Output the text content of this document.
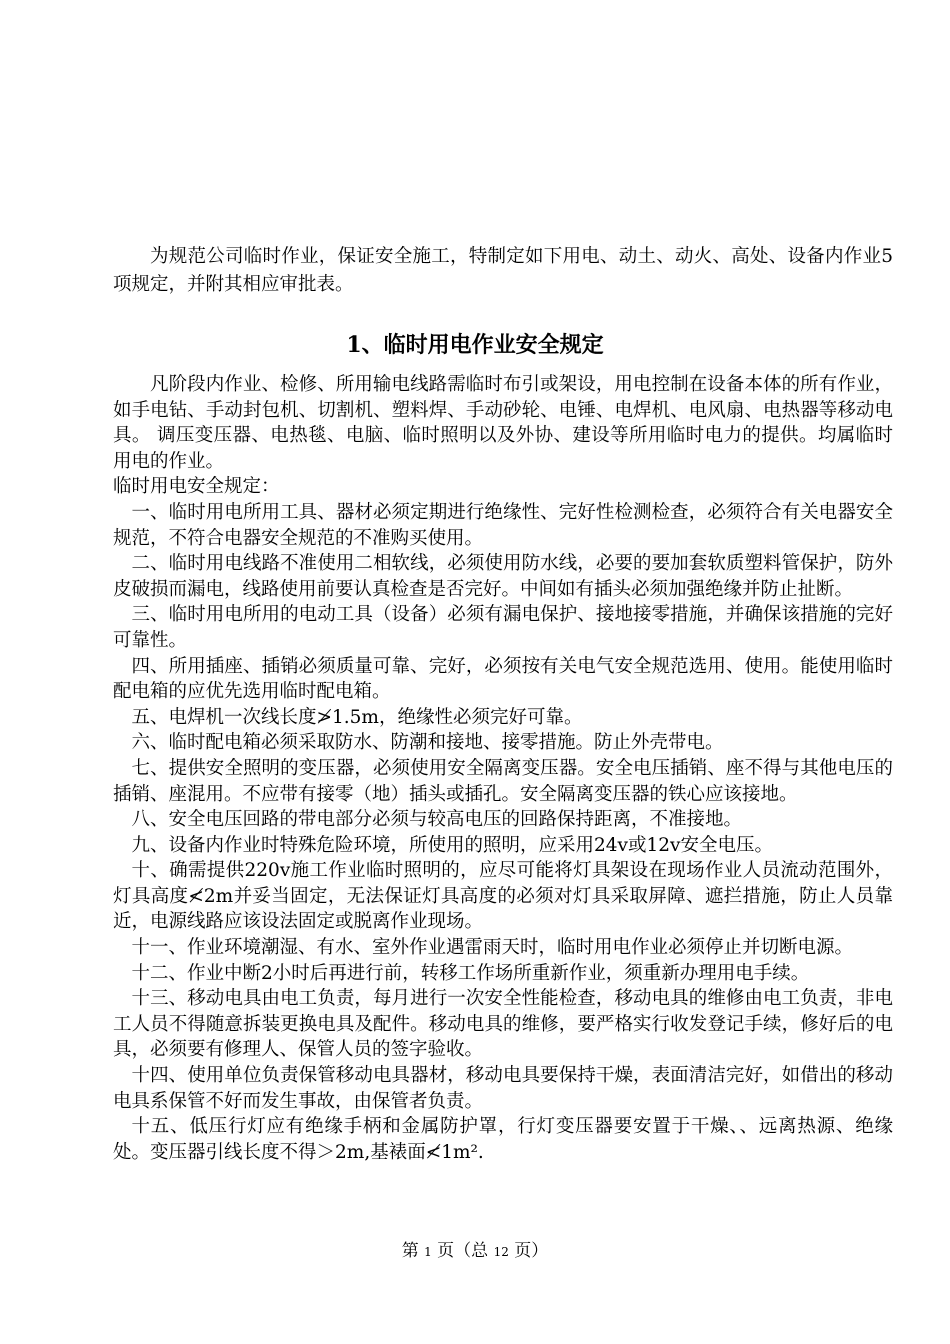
为规范公司临时作业，保证安全施工，特制定如下用电、动土、动火、高处、设备内作业5项规定，并附其相应审批表。

1、临时用电作业安全规定

凡阶段内作业、检修、所用输电线路需临时布引或架设，用电控制在设备本体的所有作业，如手电钻、手动封包机、切割机、塑料焊、手动砂轮、电锤、电焊机、电风扇、电热器等移动电具。 调压变压器、电热毯、电脑、临时照明以及外协、建设等所用临时电力的提供。均属临时用电的作业。

临时用电安全规定：

一、临时用电所用工具、器材必须定期进行绝缘性、完好性检测检查，必须符合有关电器安全规范，不符合电器安全规范的不准购买使用。

二、临时用电线路不准使用二相软线，必须使用防水线，必要的要加套软质塑料管保护，防外皮破损而漏电，线路使用前要认真检查是否完好。中间如有插头必须加强绝缘并防止扯断。

三、临时用电所用的电动工具（设备）必须有漏电保护、接地接零措施，并确保该措施的完好可靠性。

四、所用插座、插销必须质量可靠、完好，必须按有关电气安全规范选用、使用。能使用临时配电箱的应优先选用临时配电箱。

五、电焊机一次线长度≯1.5m，绝缘性必须完好可靠。

六、临时配电箱必须采取防水、防潮和接地、接零措施。防止外壳带电。

七、提供安全照明的变压器，必须使用安全隔离变压器。安全电压插销、座不得与其他电压的插销、座混用。不应带有接零（地）插头或插孔。安全隔离变压器的铁心应该接地。

八、安全电压回路的带电部分必须与较高电压的回路保持距离，不准接地。

九、设备内作业时特殊危险环境，所使用的照明，应采用24v或12v安全电压。

十、确需提供220v施工作业临时照明的，应尽可能将灯具架设在现场作业人员流动范围外，灯具高度≮2m并妥当固定，无法保证灯具高度的必须对灯具采取屏障、遮拦措施，防止人员靠近，电源线路应该设法固定或脱离作业现场。

十一、作业环境潮湿、有水、室外作业遇雷雨天时，临时用电作业必须停止并切断电源。

十二、作业中断2小时后再进行前，转移工作场所重新作业，须重新办理用电手续。

十三、移动电具由电工负责，每月进行一次安全性能检查，移动电具的维修由电工负责，非电工人员不得随意拆装更换电具及配件。移动电具的维修，要严格实行收发登记手续，修好后的电具，必须要有修理人、保管人员的签字验收。

十四、使用单位负责保管移动电具器材，移动电具要保持干燥，表面清洁完好，如借出的移动电具系保管不好而发生事故，由保管者负责。

十五、低压行灯应有绝缘手柄和金属防护罩，行灯变压器要安置于干燥、、远离热源、绝缘处。变压器引线长度不得＞2m,基裱面≮1m².

第 1 页（总 12 页）
